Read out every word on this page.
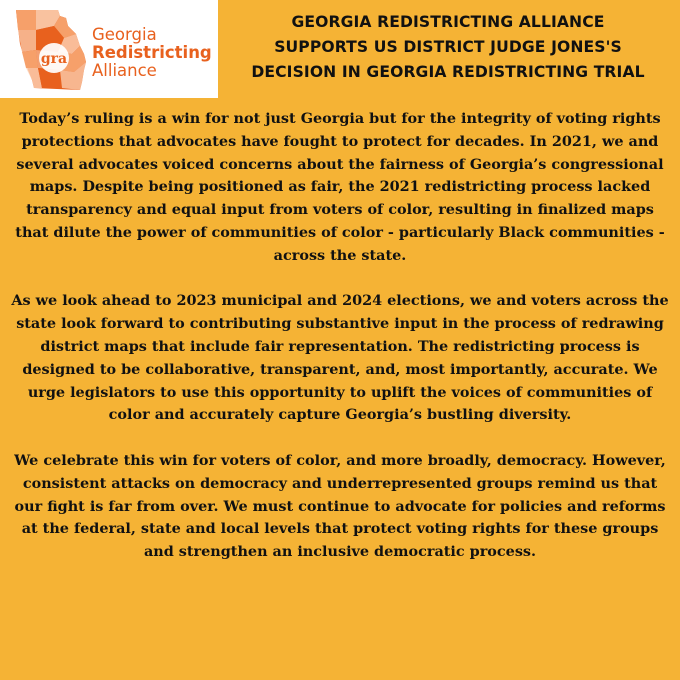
gra
Georgia
Redistricting
Alliance
GEORGIA REDISTRICTING ALLIANCE
SUPPORTS US DISTRICT JUDGE JONES'S
DECISION IN GEORGIA REDISTRICTING TRIAL

Today’s ruling is a win for not just Georgia but for the integrity of voting rights protections that advocates have fought to protect for decades. In 2021, we and several advocates voiced concerns about the fairness of Georgia’s congressional maps. Despite being positioned as fair, the 2021 redistricting process lacked transparency and equal input from voters of color, resulting in finalized maps that dilute the power of communities of color - particularly Black communities - across the state.

As we look ahead to 2023 municipal and 2024 elections, we and voters across the state look forward to contributing substantive input in the process of redrawing district maps that include fair representation. The redistricting process is designed to be collaborative, transparent, and, most importantly, accurate. We urge legislators to use this opportunity to uplift the voices of communities of color and accurately capture Georgia’s bustling diversity.

We celebrate this win for voters of color, and more broadly, democracy. However, consistent attacks on democracy and underrepresented groups remind us that our fight is far from over. We must continue to advocate for policies and reforms at the federal, state and local levels that protect voting rights for these groups and strengthen an inclusive democratic process.
